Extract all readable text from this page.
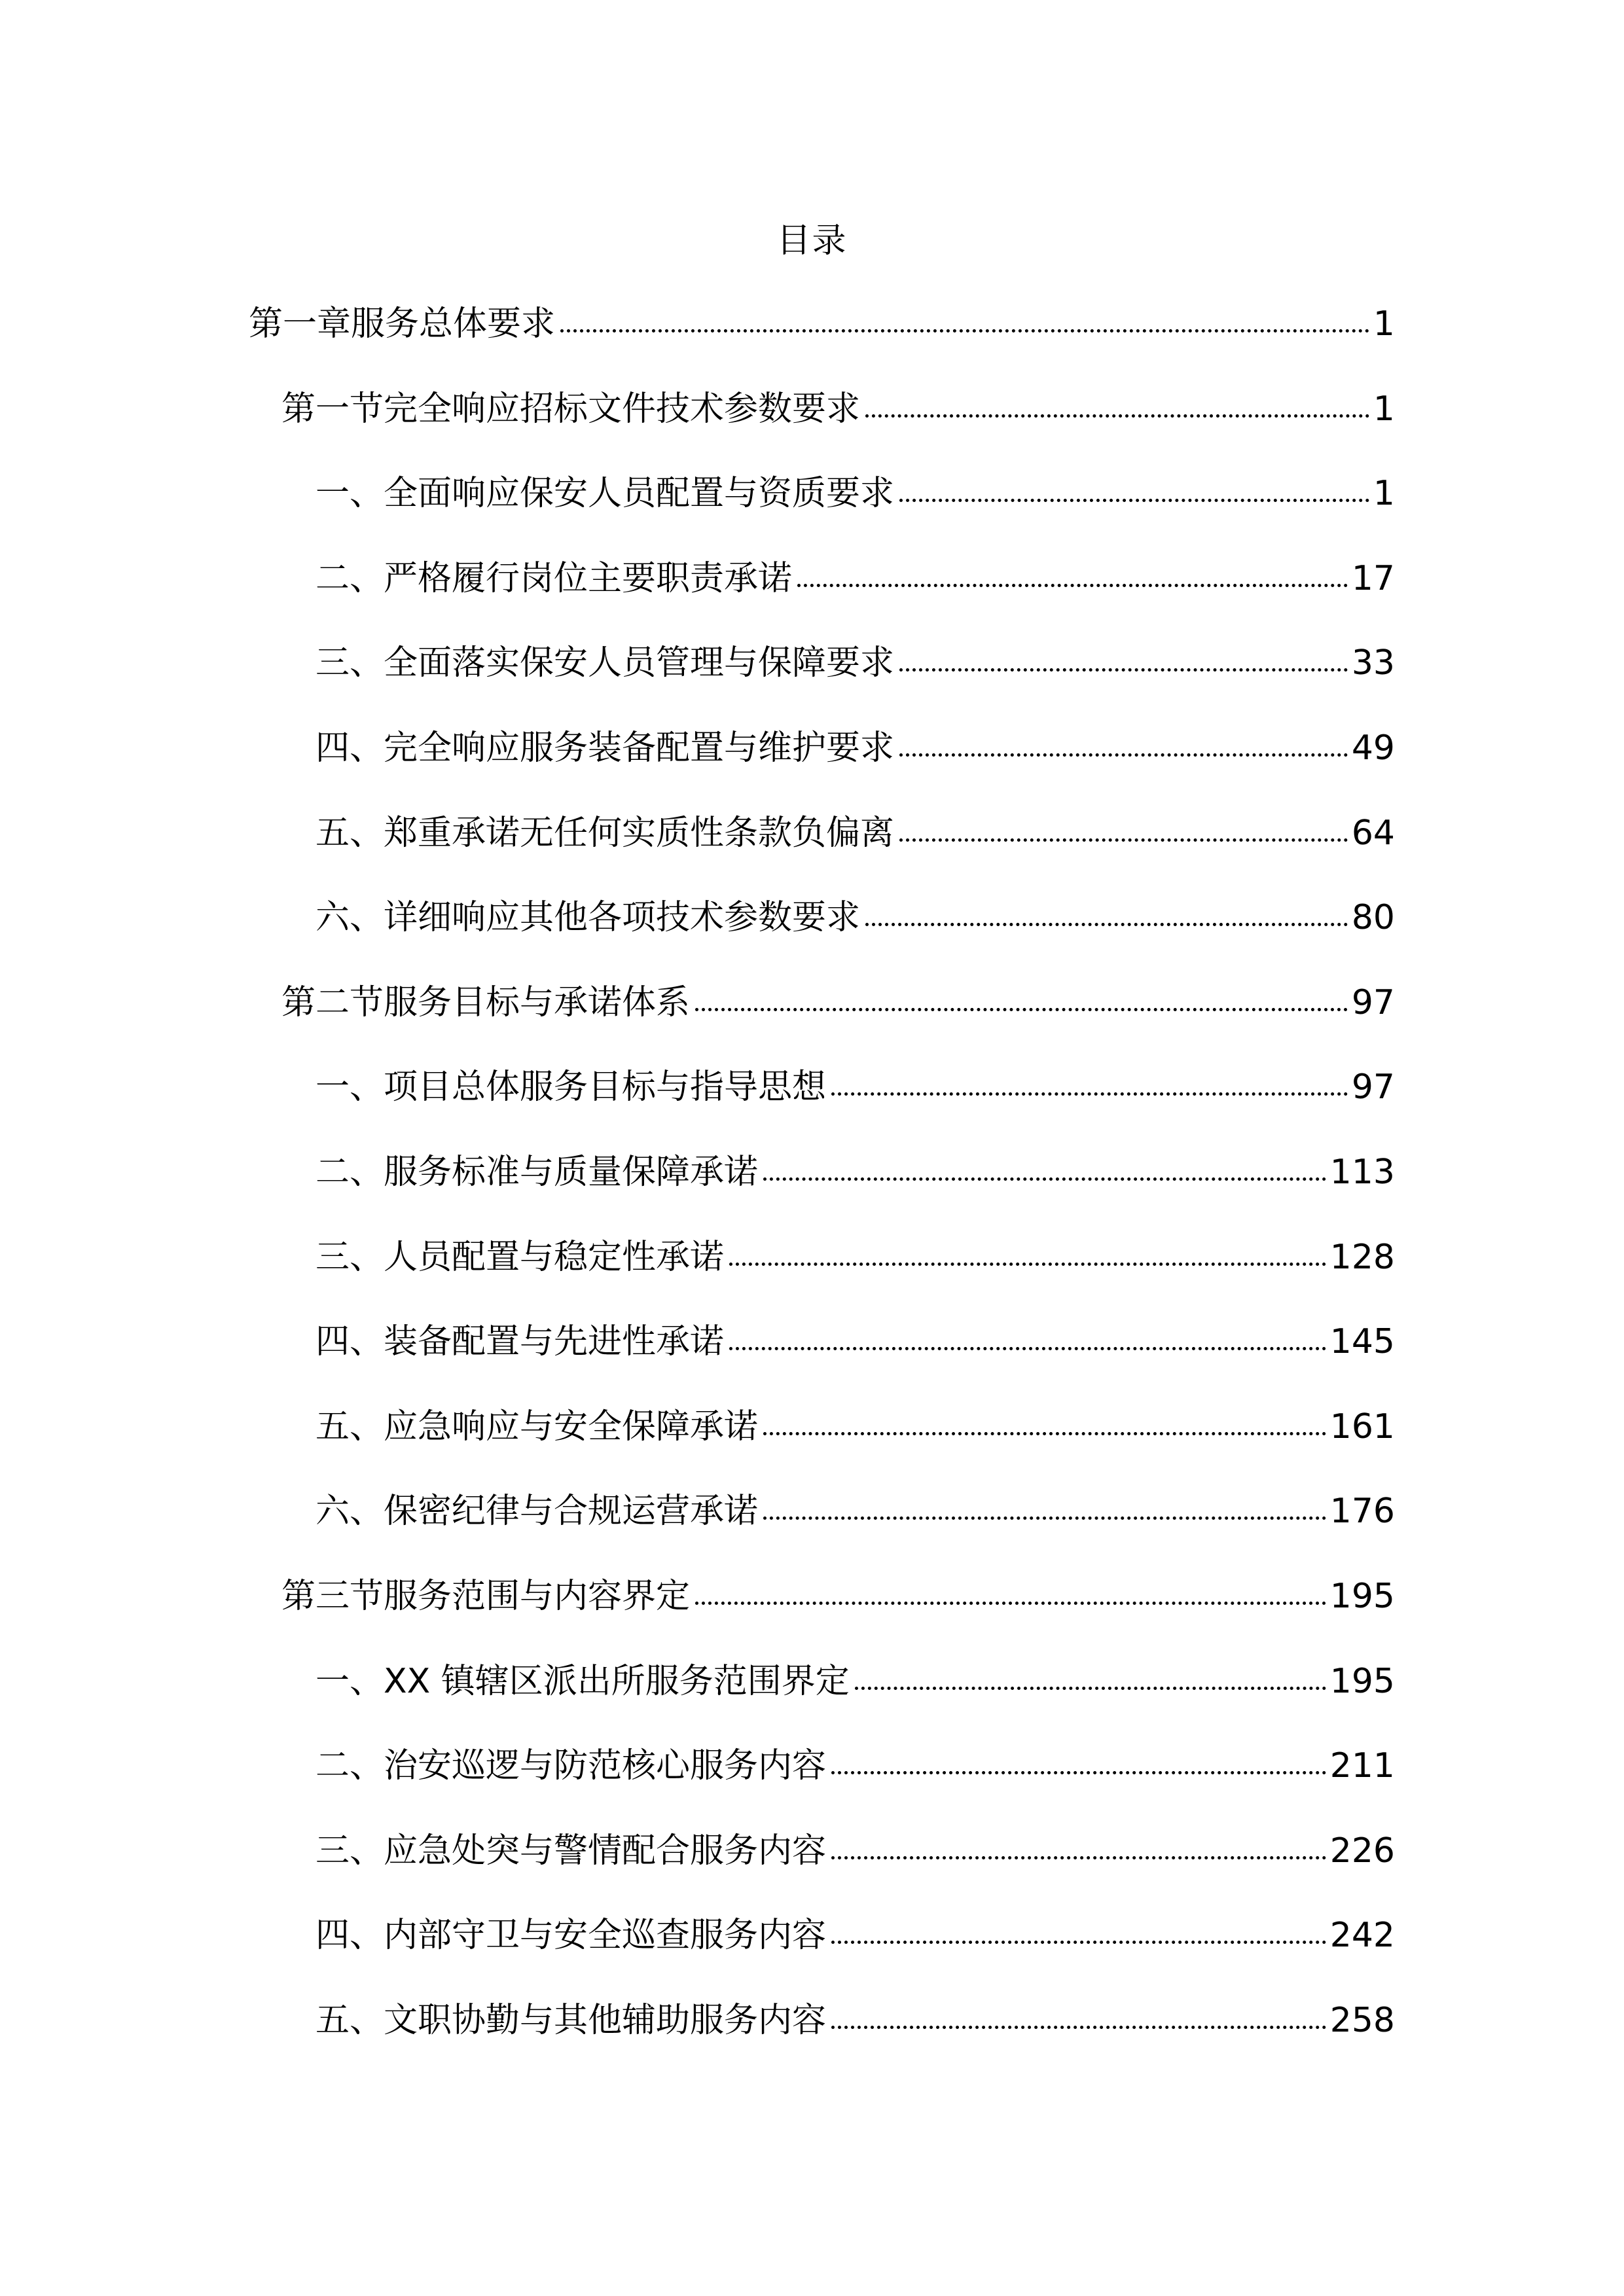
目录
第一章服务总体要求	1
第一节完全响应招标文件技术参数要求	1
一、全面响应保安人员配置与资质要求	1
二、严格履行岗位主要职责承诺	17
三、全面落实保安人员管理与保障要求	33
四、完全响应服务装备配置与维护要求	49
五、郑重承诺无任何实质性条款负偏离	64
六、详细响应其他各项技术参数要求	80
第二节服务目标与承诺体系	97
一、项目总体服务目标与指导思想	97
二、服务标准与质量保障承诺	113
三、人员配置与稳定性承诺	128
四、装备配置与先进性承诺	145
五、应急响应与安全保障承诺	161
六、保密纪律与合规运营承诺	176
第三节服务范围与内容界定	195
一、XX 镇辖区派出所服务范围界定	195
二、治安巡逻与防范核心服务内容	211
三、应急处突与警情配合服务内容	226
四、内部守卫与安全巡查服务内容	242
五、文职协勤与其他辅助服务内容	258
